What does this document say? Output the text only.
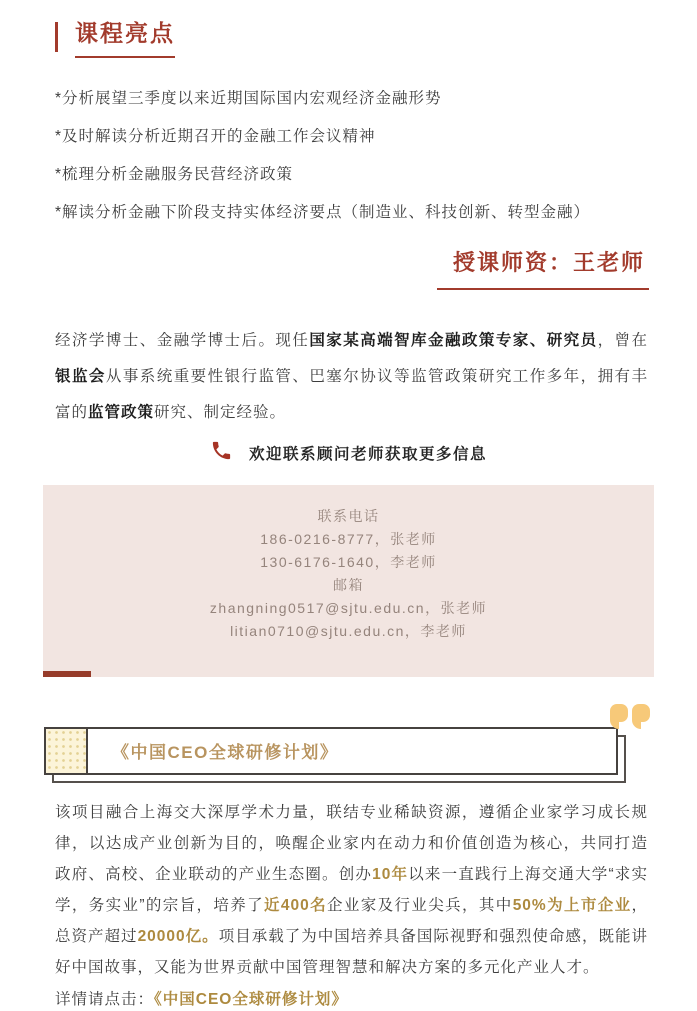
课程亮点

*分析展望三季度以来近期国际国内宏观经济金融形势

*及时解读分析近期召开的金融工作会议精神

*梳理分析金融服务民营经济政策

*解读分析金融下阶段支持实体经济要点（制造业、科技创新、转型金融）

授课师资：王老师

经济学博士、金融学博士后。现任国家某高端智库金融政策专家、研究员，曾在银监会从事系统重要性银行监管、巴塞尔协议等监管政策研究工作多年，拥有丰富的监管政策研究、制定经验。

欢迎联系顾问老师获取更多信息

联系电话

186-0216-8777，张老师

130-6176-1640，李老师

邮箱

zhangning0517@sjtu.edu.cn，张老师

litian0710@sjtu.edu.cn，李老师

《中国CEO全球研修计划》

该项目融合上海交大深厚学术力量，联结专业稀缺资源，遵循企业家学习成长规律，以达成产业创新为目的，唤醒企业家内在动力和价值创造为核心，共同打造政府、高校、企业联动的产业生态圈。创办10年以来一直践行上海交通大学“求实学，务实业”的宗旨，培养了近400名企业家及行业尖兵，其中50%为上市企业，总资产超过20000亿。项目承载了为中国培养具备国际视野和强烈使命感，既能讲好中国故事，又能为世界贡献中国管理智慧和解决方案的多元化产业人才。

详情请点击：《中国CEO全球研修计划》
